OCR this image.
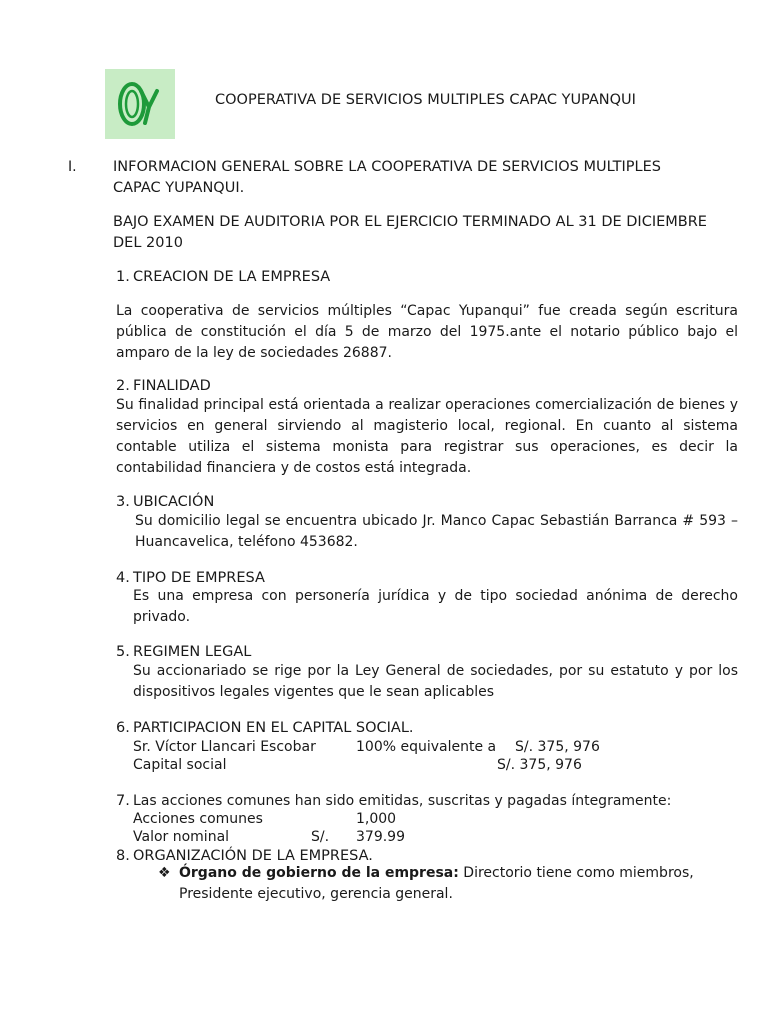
COOPERATIVA DE SERVICIOS MULTIPLES CAPAC YUPANQUI
I.	INFORMACION GENERAL SOBRE LA COOPERATIVA DE SERVICIOS MULTIPLES CAPAC YUPANQUI.
BAJO EXAMEN DE AUDITORIA POR EL EJERCICIO TERMINADO AL 31 DE DICIEMBRE DEL 2010
1. CREACION DE LA EMPRESA
La cooperativa de servicios múltiples “Capac Yupanqui” fue creada según escritura pública de constitución el día 5 de marzo del 1975.ante el notario público bajo el amparo de la ley de sociedades 26887.
2. FINALIDAD
Su finalidad principal está orientada a realizar operaciones comercialización de bienes y servicios en general sirviendo al magisterio local, regional. En cuanto al sistema contable utiliza el sistema monista para registrar sus operaciones, es decir la contabilidad financiera y de costos está integrada.
3. UBICACIÓN
Su domicilio legal se encuentra ubicado Jr. Manco Capac Sebastián Barranca # 593 – Huancavelica, teléfono 453682.
4. TIPO DE EMPRESA
Es una empresa con personería jurídica y de tipo sociedad anónima de derecho privado.
5. REGIMEN LEGAL
Su accionariado se rige por la Ley General de sociedades, por su estatuto y por los dispositivos legales vigentes que le sean aplicables
6. PARTICIPACION EN EL CAPITAL SOCIAL.
Sr. Víctor Llancari Escobar	100% equivalente a S/. 375, 976
Capital social	S/. 375, 976
7. Las acciones comunes han sido emitidas, suscritas y pagadas íntegramente:
Acciones comunes	1,000
Valor nominal	S/. 379.99
8. ORGANIZACIÓN DE LA EMPRESA.
❖ Órgano de gobierno de la empresa: Directorio tiene como miembros, Presidente ejecutivo, gerencia general.
